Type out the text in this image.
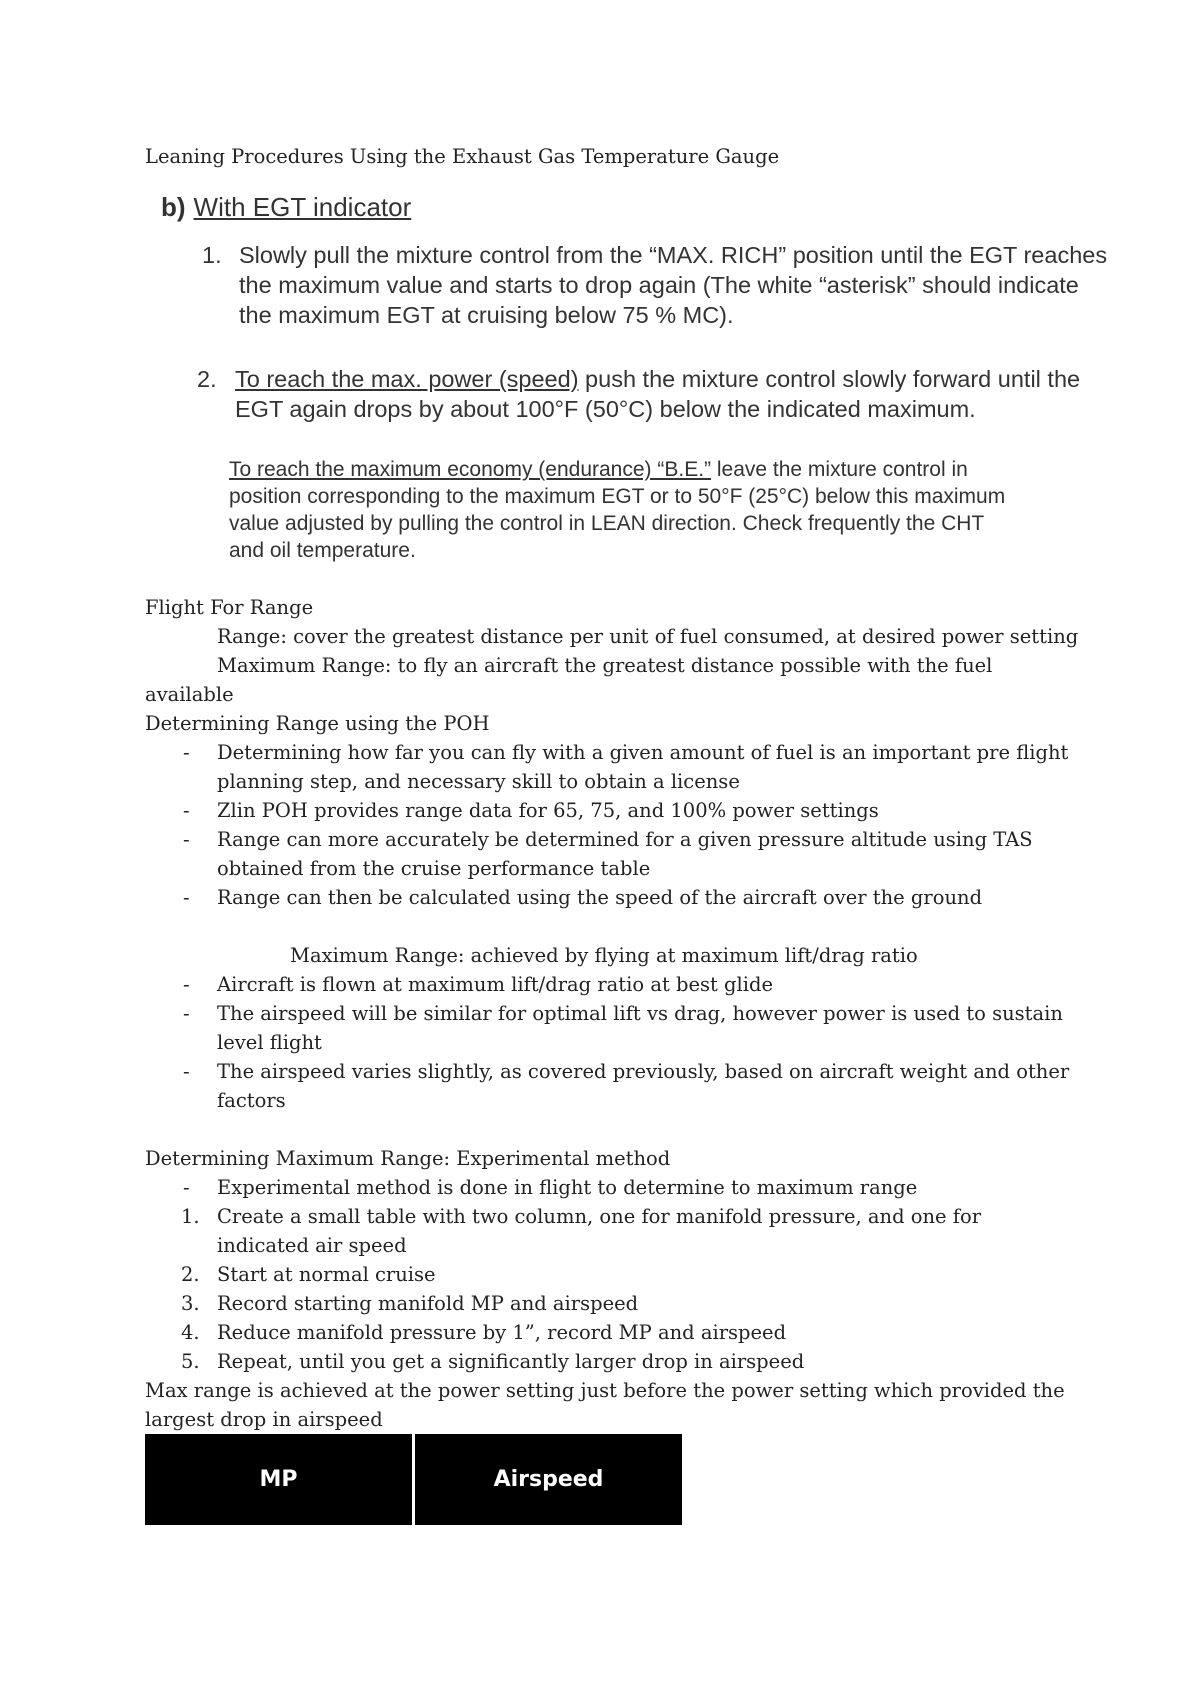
Leaning Procedures Using the Exhaust Gas Temperature Gauge
b) With EGT indicator
1. Slowly pull the mixture control from the “MAX. RICH” position until the EGT reaches
the maximum value and starts to drop again (The white “asterisk” should indicate
the maximum EGT at cruising below 75 % MC).
2. To reach the max. power (speed) push the mixture control slowly forward until the
EGT again drops by about 100°F (50°C) below the indicated maximum.
To reach the maximum economy (endurance) “B.E.” leave the mixture control in
position corresponding to the maximum EGT or to 50°F (25°C) below this maximum
value adjusted by pulling the control in LEAN direction. Check frequently the CHT
and oil temperature.
Flight For Range
Range: cover the greatest distance per unit of fuel consumed, at desired power setting
Maximum Range: to fly an aircraft the greatest distance possible with the fuel
available
Determining Range using the POH
- Determining how far you can fly with a given amount of fuel is an important pre flight
planning step, and necessary skill to obtain a license
- Zlin POH provides range data for 65, 75, and 100% power settings
- Range can more accurately be determined for a given pressure altitude using TAS
obtained from the cruise performance table
- Range can then be calculated using the speed of the aircraft over the ground
Maximum Range: achieved by flying at maximum lift/drag ratio
- Aircraft is flown at maximum lift/drag ratio at best glide
- The airspeed will be similar for optimal lift vs drag, however power is used to sustain
level flight
- The airspeed varies slightly, as covered previously, based on aircraft weight and other
factors
Determining Maximum Range: Experimental method
- Experimental method is done in flight to determine to maximum range
1. Create a small table with two column, one for manifold pressure, and one for
indicated air speed
2. Start at normal cruise
3. Record starting manifold MP and airspeed
4. Reduce manifold pressure by 1”, record MP and airspeed
5. Repeat, until you get a significantly larger drop in airspeed
Max range is achieved at the power setting just before the power setting which provided the
largest drop in airspeed
MP	Airspeed
